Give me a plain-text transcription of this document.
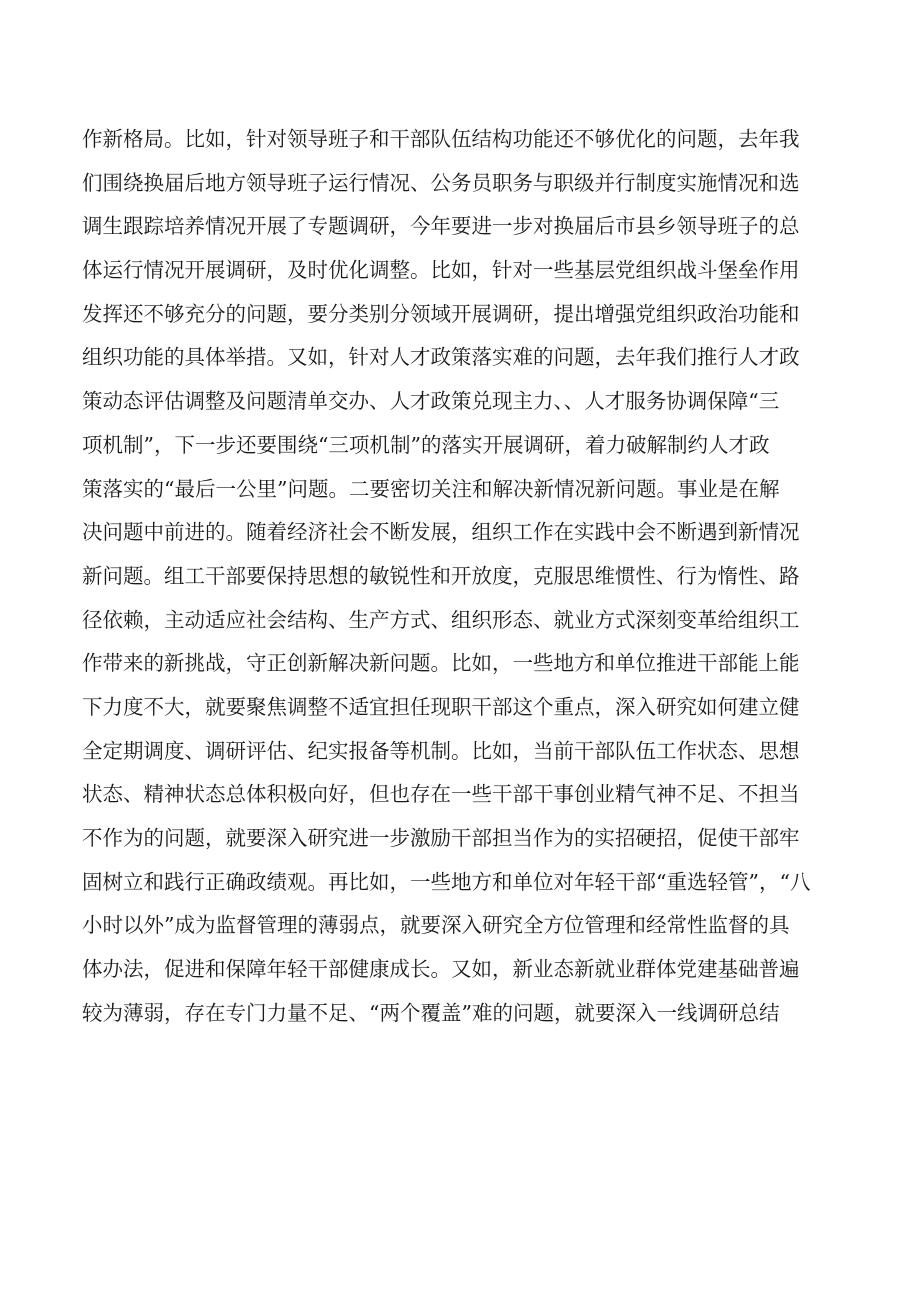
作新格局。比如，针对领导班子和干部队伍结构功能还不够优化的问题，去年我
们围绕换届后地方领导班子运行情况、公务员职务与职级并行制度实施情况和选
调生跟踪培养情况开展了专题调研，今年要进一步对换届后市县乡领导班子的总
体运行情况开展调研，及时优化调整。比如，针对一些基层党组织战斗堡垒作用
发挥还不够充分的问题，要分类别分领域开展调研，提出增强党组织政治功能和
组织功能的具体举措。又如，针对人才政策落实难的问题，去年我们推行人才政
策动态评估调整及问题清单交办、人才政策兑现主力、、人才服务协调保障“三
项机制”，下一步还要围绕“三项机制”的落实开展调研，着力破解制约人才政
策落实的“最后一公里”问题。二要密切关注和解决新情况新问题。事业是在解
决问题中前进的。随着经济社会不断发展，组织工作在实践中会不断遇到新情况
新问题。组工干部要保持思想的敏锐性和开放度，克服思维惯性、行为惰性、路
径依赖，主动适应社会结构、生产方式、组织形态、就业方式深刻变革给组织工
作带来的新挑战，守正创新解决新问题。比如，一些地方和单位推进干部能上能
下力度不大，就要聚焦调整不适宜担任现职干部这个重点，深入研究如何建立健
全定期调度、调研评估、纪实报备等机制。比如，当前干部队伍工作状态、思想
状态、精神状态总体积极向好，但也存在一些干部干事创业精气神不足、不担当
不作为的问题，就要深入研究进一步激励干部担当作为的实招硬招，促使干部牢
固树立和践行正确政绩观。再比如，一些地方和单位对年轻干部“重选轻管”，“八
小时以外”成为监督管理的薄弱点，就要深入研究全方位管理和经常性监督的具
体办法，促进和保障年轻干部健康成长。又如，新业态新就业群体党建基础普遍
较为薄弱，存在专门力量不足、“两个覆盖”难的问题，就要深入一线调研总结
